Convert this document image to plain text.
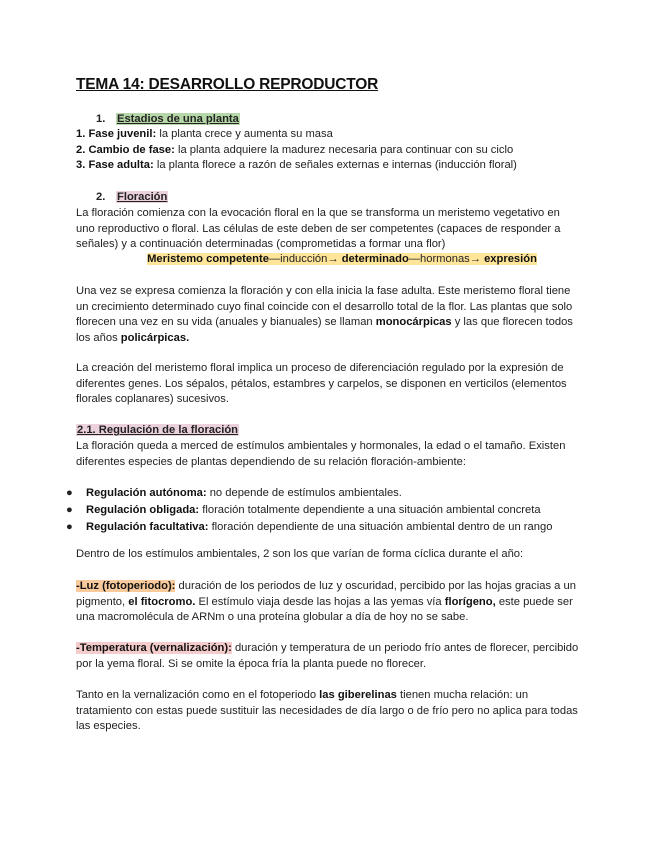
TEMA 14: DESARROLLO REPRODUCTOR
1. Estadios de una planta

1. Fase juvenil: la planta crece y aumenta su masa

2. Cambio de fase: la planta adquiere la madurez necesaria para continuar con su ciclo

3. Fase adulta: la planta florece a razón de señales externas e internas (inducción floral)

2. Floración

La floración comienza con la evocación floral en la que se transforma un meristemo vegetativo en uno reproductivo o floral. Las células de este deben de ser competentes (capaces de responder a señales) y a continuación determinadas (comprometidas a formar una flor)

Meristemo competente—inducción→ determinado—hormonas→ expresión

Una vez se expresa comienza la floración y con ella inicia la fase adulta. Este meristemo floral tiene un crecimiento determinado cuyo final coincide con el desarrollo total de la flor. Las plantas que solo florecen una vez en su vida (anuales y bianuales) se llaman monocárpicas y las que florecen todos los años policárpicas.

La creación del meristemo floral implica un proceso de diferenciación regulado por la expresión de diferentes genes. Los sépalos, pétalos, estambres y carpelos, se disponen en verticilos (elementos florales coplanares) sucesivos.

2.1. Regulación de la floración

La floración queda a merced de estímulos ambientales y hormonales, la edad o el tamaño. Existen diferentes especies de plantas dependiendo de su relación floración-ambiente:

● Regulación autónoma: no depende de estímulos ambientales.
● Regulación obligada: floración totalmente dependiente a una situación ambiental concreta
● Regulación facultativa: floración dependiente de una situación ambiental dentro de un rango

Dentro de los estímulos ambientales, 2 son los que varían de forma cíclica durante el año:

-Luz (fotoperiodo): duración de los periodos de luz y oscuridad, percibido por las hojas gracias a un pigmento, el fitocromo. El estímulo viaja desde las hojas a las yemas vía florígeno, este puede ser una macromolécula de ARNm o una proteína globular a día de hoy no se sabe.

-Temperatura (vernalización): duración y temperatura de un periodo frío antes de florecer, percibido por la yema floral. Si se omite la época fría la planta puede no florecer.

Tanto en la vernalización como en el fotoperiodo las giberelinas tienen mucha relación: un tratamiento con estas puede sustituir las necesidades de día largo o de frío pero no aplica para todas las especies.
